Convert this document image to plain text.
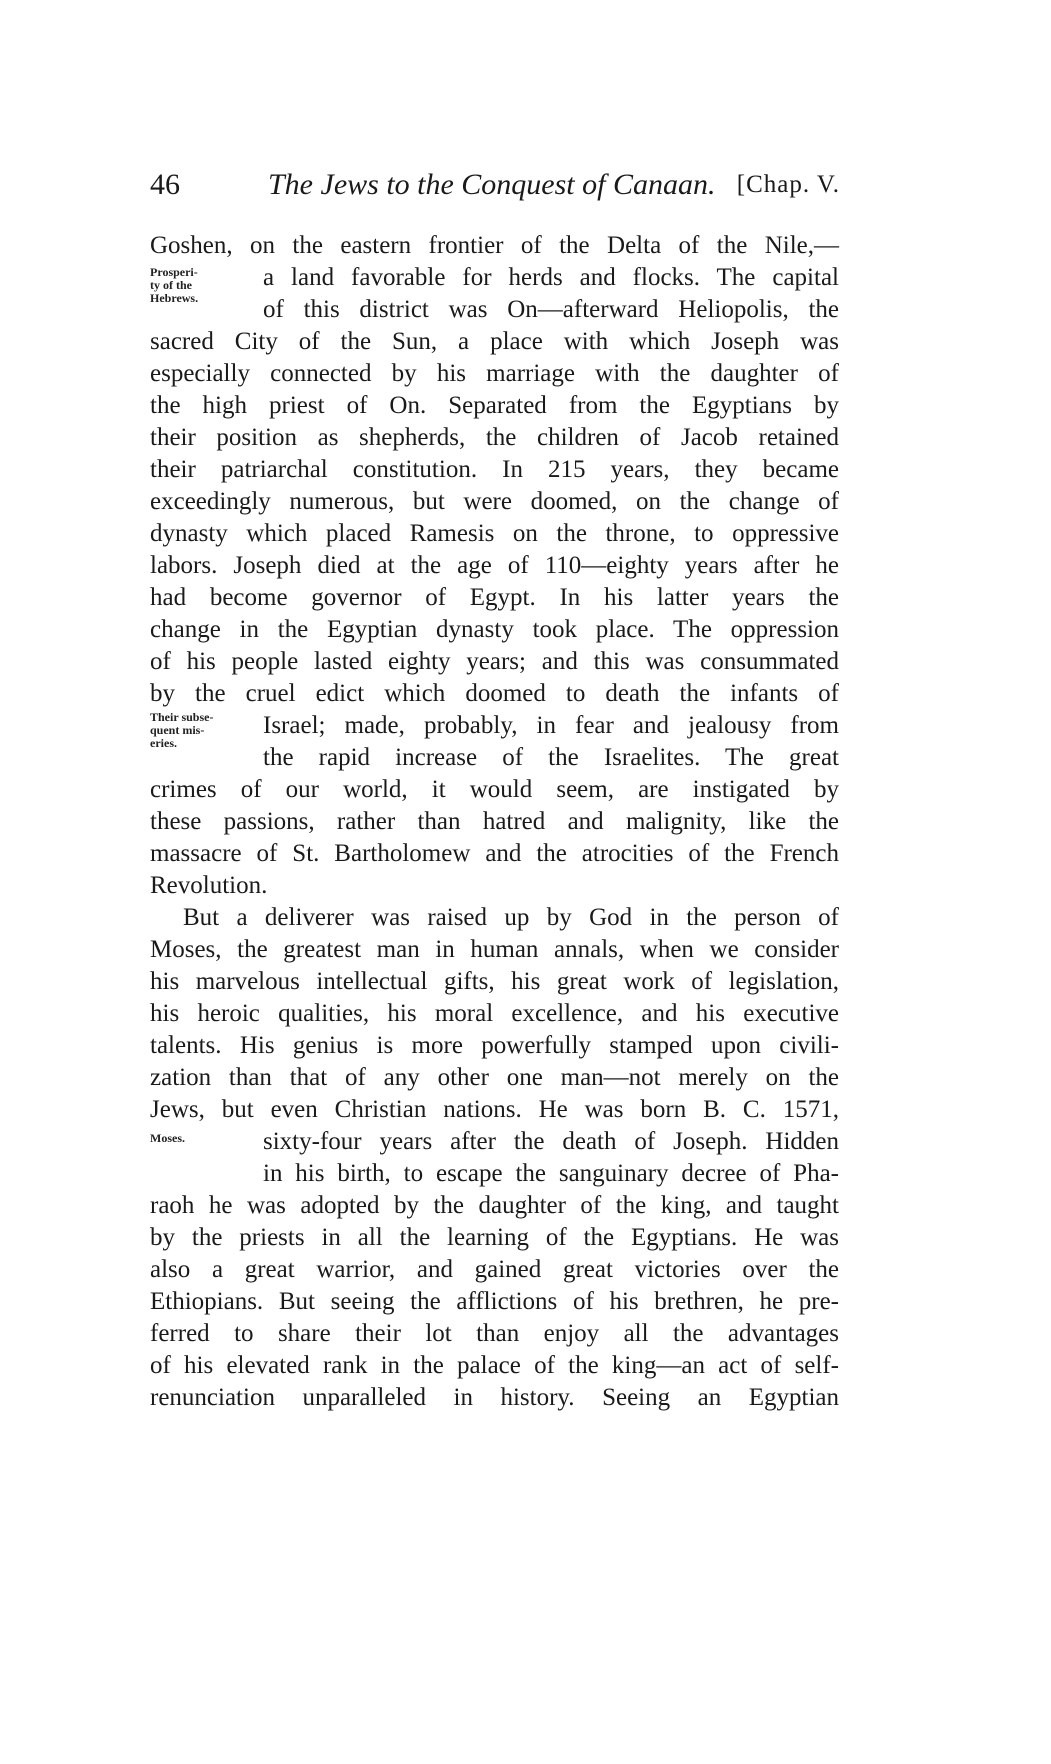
46	The Jews to the Conquest of Canaan. [Chap. V.
Prosperi-
ty of the
Hebrews.
Their subse-
quent mis-
eries.
Moses.
Goshen, on the eastern frontier of the Delta of the Nile,—
a land favorable for herds and flocks. The capital
of this district was On—afterward Heliopolis, the
sacred City of the Sun, a place with which Joseph was
especially connected by his marriage with the daughter of
the high priest of On. Separated from the Egyptians by
their position as shepherds, the children of Jacob retained
their patriarchal constitution. In 215 years, they became
exceedingly numerous, but were doomed, on the change of
dynasty which placed Ramesis on the throne, to oppressive
labors. Joseph died at the age of 110—eighty years after he
had become governor of Egypt. In his latter years the
change in the Egyptian dynasty took place. The oppression
of his people lasted eighty years; and this was consummated
by the cruel edict which doomed to death the infants of
Israel; made, probably, in fear and jealousy from
the rapid increase of the Israelites. The great
crimes of our world, it would seem, are instigated by
these passions, rather than hatred and malignity, like the
massacre of St. Bartholomew and the atrocities of the French
Revolution.
But a deliverer was raised up by God in the person of
Moses, the greatest man in human annals, when we consider
his marvelous intellectual gifts, his great work of legislation,
his heroic qualities, his moral excellence, and his executive
talents. His genius is more powerfully stamped upon civili-
zation than that of any other one man—not merely on the
Jews, but even Christian nations. He was born B. C. 1571,
sixty-four years after the death of Joseph. Hidden
in his birth, to escape the sanguinary decree of Pha-
raoh he was adopted by the daughter of the king, and taught
by the priests in all the learning of the Egyptians. He was
also a great warrior, and gained great victories over the
Ethiopians. But seeing the afflictions of his brethren, he pre-
ferred to share their lot than enjoy all the advantages
of his elevated rank in the palace of the king—an act of self-
renunciation unparalleled in history. Seeing an Egyptian
